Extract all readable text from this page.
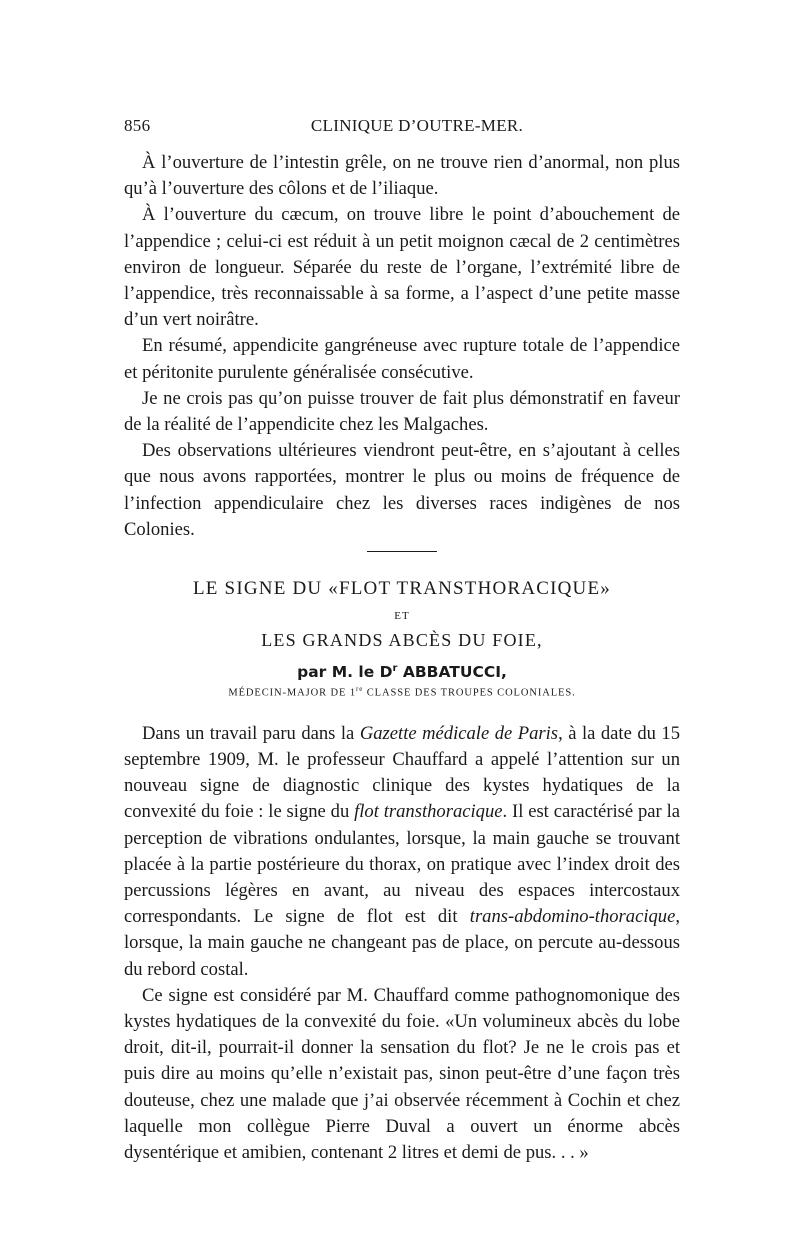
856	CLINIQUE D’OUTRE-MER.

À l’ouverture de l’intestin grêle, on ne trouve rien d’anormal, non plus qu’à l’ouverture des côlons et de l’iliaque.

À l’ouverture du cæcum, on trouve libre le point d’abouchement de l’appendice ; celui-ci est réduit à un petit moignon cæcal de 2 centimètres environ de longueur. Séparée du reste de l’organe, l’extrémité libre de l’appendice, très reconnaissable à sa forme, a l’aspect d’une petite masse d’un vert noirâtre.

En résumé, appendicite gangréneuse avec rupture totale de l’appendice et péritonite purulente généralisée consécutive.

Je ne crois pas qu’on puisse trouver de fait plus démonstratif en faveur de la réalité de l’appendicite chez les Malgaches.

Des observations ultérieures viendront peut-être, en s’ajoutant à celles que nous avons rapportées, montrer le plus ou moins de fréquence de l’infection appendiculaire chez les diverses races indigènes de nos Colonies.

LE SIGNE DU «FLOT TRANSTHORACIQUE»
ET
LES GRANDS ABCÈS DU FOIE,
par M. le $D^r$ ABBATUCCI,
MÉDECIN-MAJOR DE 1re CLASSE DES TROUPES COLONIALES.

Dans un travail paru dans la Gazette médicale de Paris, à la date du 15 septembre 1909, M. le professeur Chauffard a appelé l’attention sur un nouveau signe de diagnostic clinique des kystes hydatiques de la convexité du foie : le signe du flot transthoracique. Il est caractérisé par la perception de vibrations ondulantes, lorsque, la main gauche se trouvant placée à la partie postérieure du thorax, on pratique avec l’index droit des percussions légères en avant, au niveau des espaces intercostaux correspondants. Le signe de flot est dit trans-abdomino-thoracique, lorsque, la main gauche ne changeant pas de place, on percute au-dessous du rebord costal.

Ce signe est considéré par M. Chauffard comme pathognomonique des kystes hydatiques de la convexité du foie. «Un volumineux abcès du lobe droit, dit-il, pourrait-il donner la sensation du flot? Je ne le crois pas et puis dire au moins qu’elle n’existait pas, sinon peut-être d’une façon très douteuse, chez une malade que j’ai observée récemment à Cochin et chez laquelle mon collègue Pierre Duval a ouvert un énorme abcès dysentérique et amibien, contenant 2 litres et demi de pus. . . »
